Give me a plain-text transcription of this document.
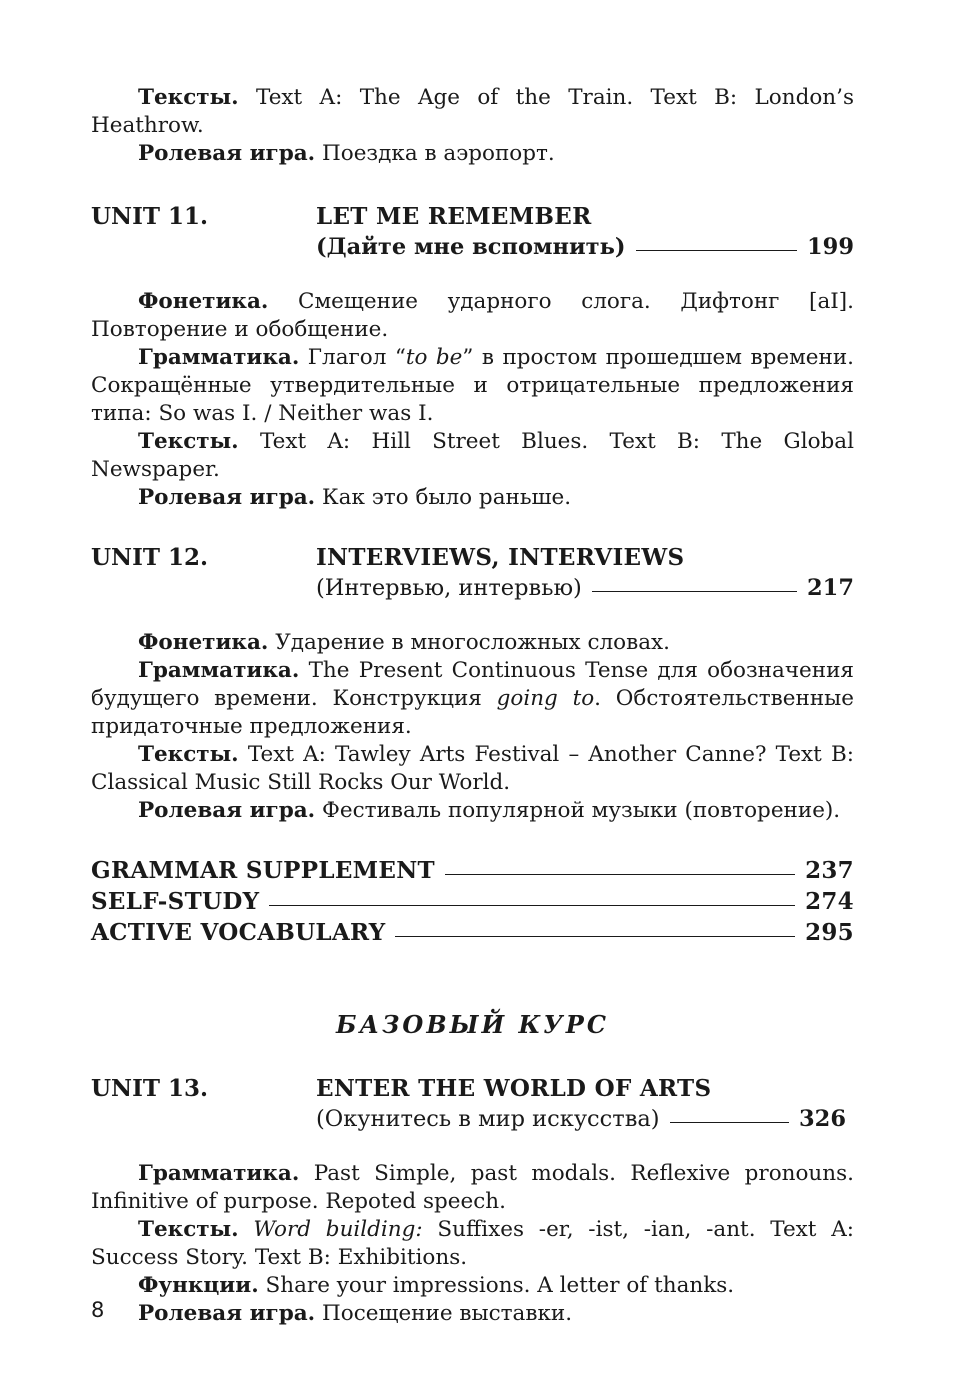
Тексты. Text A: The Age of the Train. Text B: London’s Heathrow.

Ролевая игра. Поездка в аэропорт.

UNIT 11.	LET ME REMEMBER
(Дайте мне вспомнить)	199

Фонетика. Смещение ударного слога. Дифтонг [aI]. Повторение и обобщение.

Грамматика. Глагол “to be” в простом прошедшем времени. Сокращённые утвердительные и отрицательные предложения типа: So was I. / Neither was I.

Тексты. Text A: Hill Street Blues. Text B: The Global Newspaper.

Ролевая игра. Как это было раньше.

UNIT 12.	INTERVIEWS, INTERVIEWS
(Интервью, интервью)	217

Фонетика. Ударение в многосложных словах.

Грамматика. The Present Continuous Tense для обозначения будущего времени. Конструкция going to. Обстоятельственные придаточные предложения.

Тексты. Text A: Tawley Arts Festival – Another Canne? Text B: Classical Music Still Rocks Our World.

Ролевая игра. Фестиваль популярной музыки (повторение).

GRAMMAR SUPPLEMENT	237
SELF-STUDY	274
ACTIVE VOCABULARY	295
БАЗОВЫЙ КУРС
UNIT 13.	ENTER THE WORLD OF ARTS
(Окунитесь в мир искусства)	326

Грамматика. Past Simple, past modals. Reflexive pronouns. Infinitive of purpose. Repoted speech.

Тексты. Word building: Suffixes -er, -ist, -ian, -ant. Text A: Success Story. Text B: Exhibitions.

Функции. Share your impressions. A letter of thanks.

Ролевая игра. Посещение выставки.

8
